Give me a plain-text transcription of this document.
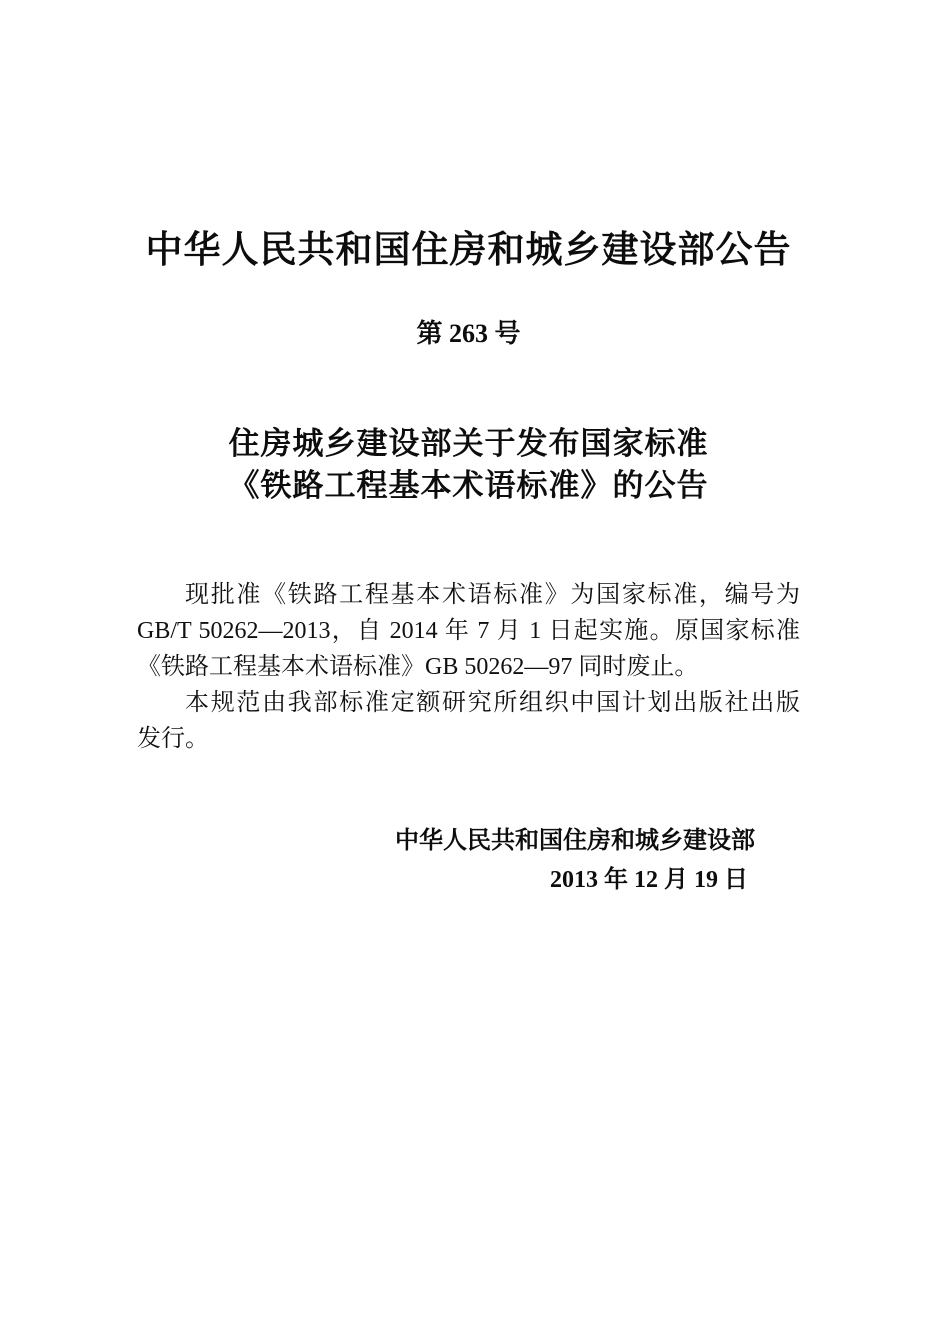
中华人民共和国住房和城乡建设部公告
第 263 号
住房城乡建设部关于发布国家标准
《铁路工程基本术语标准》的公告

现批准《铁路工程基本术语标准》为国家标准，编号为
GB/T 50262—2013，自 2014 年 7 月 1 日起实施。原国家标准
《铁路工程基本术语标准》GB 50262—97 同时废止。

本规范由我部标准定额研究所组织中国计划出版社出版
发行。

中华人民共和国住房和城乡建设部
2013 年 12 月 19 日
